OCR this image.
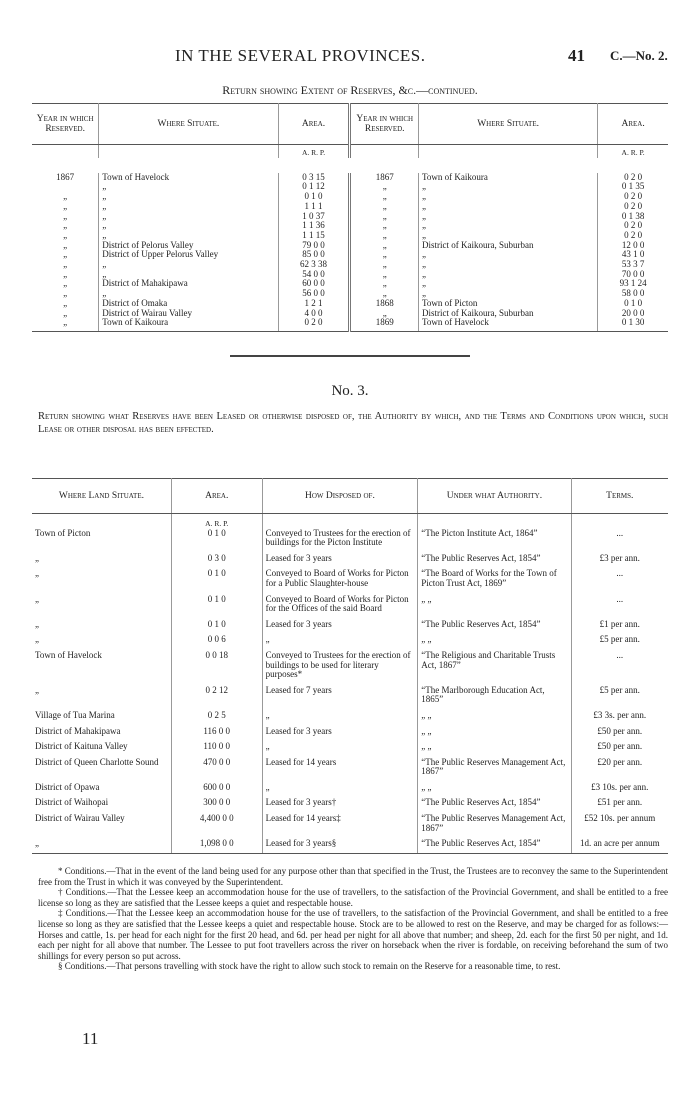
IN THE SEVERAL PROVINCES.	41 C.—No. 2.
Return showing Extent of Reserves, &c.—continued.
Year in which Reserved.	Where Situate.	Area.	Year in which Reserved.	Where Situate.	Area.
		A. R. P.			A. R. P.

1867	Town of Havelock	0 3 15	1867	Town of Kaikoura	0 2 0
	„	0 1 12	„	„	0 1 35
„	„	0 1 0	„	„	0 2 0
„	„	1 1 1	„	„	0 2 0
„	„	1 0 37	„	„	0 1 38
„	„	1 1 36	„	„	0 2 0
„	„	1 1 15	„	„	0 2 0
„	District of Pelorus Valley	79 0 0	„	District of Kaikoura, Suburban	12 0 0
„	District of Upper Pelorus Valley	85 0 0	„	„	43 1 0
„	„	62 3 38	„	„	53 3 7
„	„	54 0 0	„	„	70 0 0
„	District of Mahakipawa	60 0 0	„	„	93 1 24
„	„	56 0 0	„	„	58 0 0
„	District of Omaka	1 2 1	1868	Town of Picton	0 1 0
„	District of Wairau Valley	4 0 0	„	District of Kaikoura, Suburban	20 0 0
„	Town of Kaikoura	0 2 0	1869	Town of Havelock	0 1 30
No. 3.
Return showing what Reserves have been Leased or otherwise disposed of, the Authority by which, and the Terms and Conditions upon which, such Lease or other disposal has been effected.
Where Land Situate.	Area.	How Disposed of.	Under what Authority.	Terms.
	A. R. P.			
Town of Picton	0 1 0	Conveyed to Trustees for the erection of buildings for the Picton Institute	“The Picton Institute Act, 1864”	...
„	0 3 0	Leased for 3 years	“The Public Reserves Act, 1854”	£3 per ann.
„	0 1 0	Conveyed to Board of Works for Picton for a Public Slaughter-house	“The Board of Works for the Town of Picton Trust Act, 1869”	...
„	0 1 0	Conveyed to Board of Works for Picton for the Offices of the said Board	„ „	...
„	0 1 0	Leased for 3 years	“The Public Reserves Act, 1854”	£1 per ann.
„	0 0 6	„	„ „	£5 per ann.
Town of Havelock	0 0 18	Conveyed to Trustees for the erection of buildings to be used for literary purposes*	“The Religious and Charitable Trusts Act, 1867”	...
„	0 2 12	Leased for 7 years	“The Marlborough Education Act, 1865”	£5 per ann.
Village of Tua Marina	0 2 5	„	„ „	£3 3s. per ann.
District of Mahakipawa	116 0 0	Leased for 3 years	„ „	£50 per ann.
District of Kaituna Valley	110 0 0	„	„ „	£50 per ann.
District of Queen Charlotte Sound	470 0 0	Leased for 14 years	“The Public Reserves Management Act, 1867”	£20 per ann.
District of Opawa	600 0 0	„	„ „	£3 10s. per ann.
District of Waihopai	300 0 0	Leased for 3 years†	“The Public Reserves Act, 1854”	£51 per ann.
District of Wairau Valley	4,400 0 0	Leased for 14 years‡	“The Public Reserves Management Act, 1867”	£52 10s. per annum
„	1,098 0 0	Leased for 3 years§	“The Public Reserves Act, 1854”	1d. an acre per annum

* Conditions.—That in the event of the land being used for any purpose other than that specified in the Trust, the Trustees are to reconvey the same to the Superintendent free from the Trust in which it was conveyed by the Superintendent.

† Conditions.—That the Lessee keep an accommodation house for the use of travellers, to the satisfaction of the Provincial Government, and shall be entitled to a free license so long as they are satisfied that the Lessee keeps a quiet and respectable house.

‡ Conditions.—That the Lessee keep an accommodation house for the use of travellers, to the satisfaction of the Provincial Government, and shall be entitled to a free license so long as they are satisfied that the Lessee keeps a quiet and respectable house. Stock are to be allowed to rest on the Reserve, and may be charged for as follows:—Horses and cattle, 1s. per head for each night for the first 20 head, and 6d. per head per night for all above that number; and sheep, 2d. each for the first 50 per night, and 1d. each per night for all above that number. The Lessee to put foot travellers across the river on horseback when the river is fordable, on receiving beforehand the sum of two shillings for every person so put across.

§ Conditions.—That persons travelling with stock have the right to allow such stock to remain on the Reserve for a reasonable time, to rest.

11
